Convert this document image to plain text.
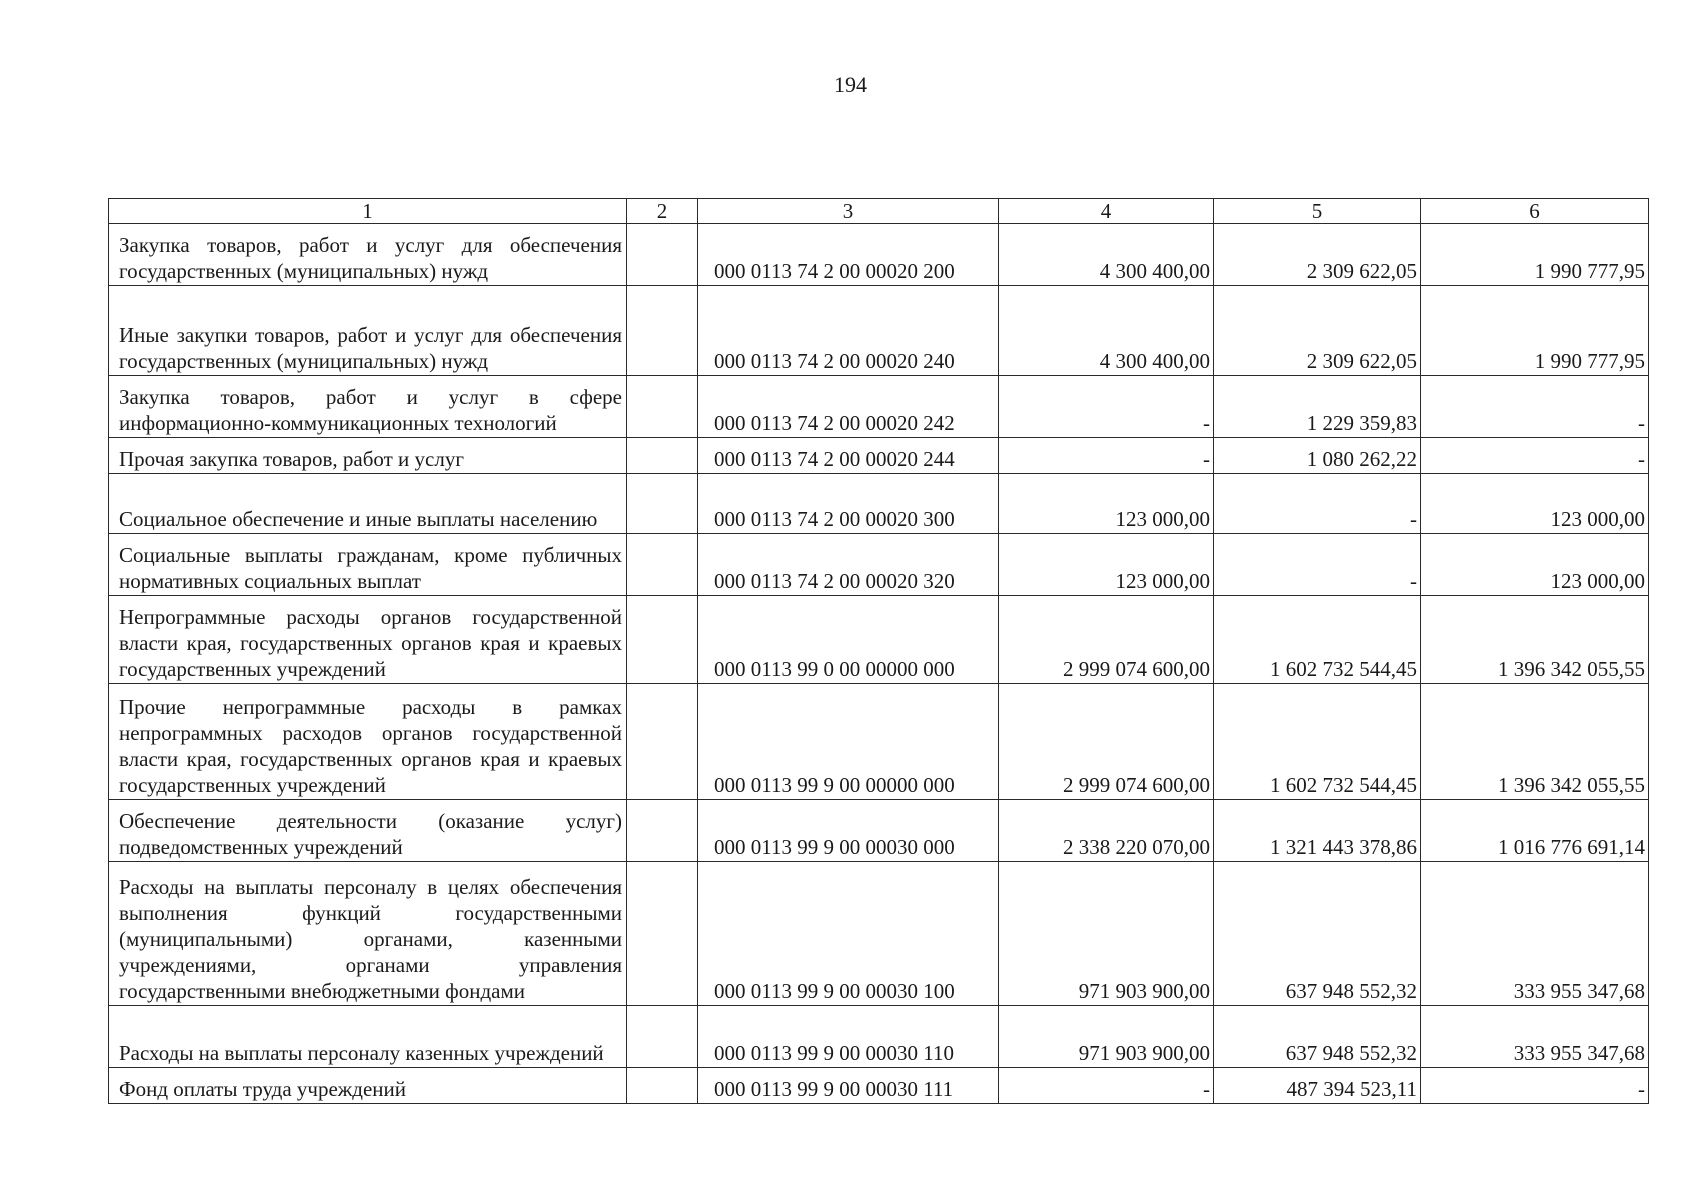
194
1	2	3	4	5	6
Закупка товаров, работ и услуг для обеспечения государственных (муниципальных) нужд		000 0113 74 2 00 00020 200	4 300 400,00	2 309 622,05	1 990 777,95
Иные закупки товаров, работ и услуг для обеспечения государственных (муниципальных) нужд		000 0113 74 2 00 00020 240	4 300 400,00	2 309 622,05	1 990 777,95
Закупка товаров, работ и услуг в сфере информационно-коммуникационных технологий		000 0113 74 2 00 00020 242	-	1 229 359,83	-
Прочая закупка товаров, работ и услуг		000 0113 74 2 00 00020 244	-	1 080 262,22	-
Социальное обеспечение и иные выплаты населению		000 0113 74 2 00 00020 300	123 000,00	-	123 000,00
Социальные выплаты гражданам, кроме публичных нормативных социальных выплат		000 0113 74 2 00 00020 320	123 000,00	-	123 000,00
Непрограммные расходы органов государственной власти края, государственных органов края и краевых государственных учреждений		000 0113 99 0 00 00000 000	2 999 074 600,00	1 602 732 544,45	1 396 342 055,55
Прочие непрограммные расходы в рамках непрограммных расходов органов государственной власти края, государственных органов края и краевых государственных учреждений		000 0113 99 9 00 00000 000	2 999 074 600,00	1 602 732 544,45	1 396 342 055,55
Обеспечение деятельности (оказание услуг) подведомственных учреждений		000 0113 99 9 00 00030 000	2 338 220 070,00	1 321 443 378,86	1 016 776 691,14
Расходы на выплаты персоналу в целях обеспечения выполнения функций государственными (муниципальными) органами, казенными учреждениями, органами управления государственными внебюджетными фондами		000 0113 99 9 00 00030 100	971 903 900,00	637 948 552,32	333 955 347,68
Расходы на выплаты персоналу казенных учреждений		000 0113 99 9 00 00030 110	971 903 900,00	637 948 552,32	333 955 347,68
Фонд оплаты труда учреждений		000 0113 99 9 00 00030 111	-	487 394 523,11	-
